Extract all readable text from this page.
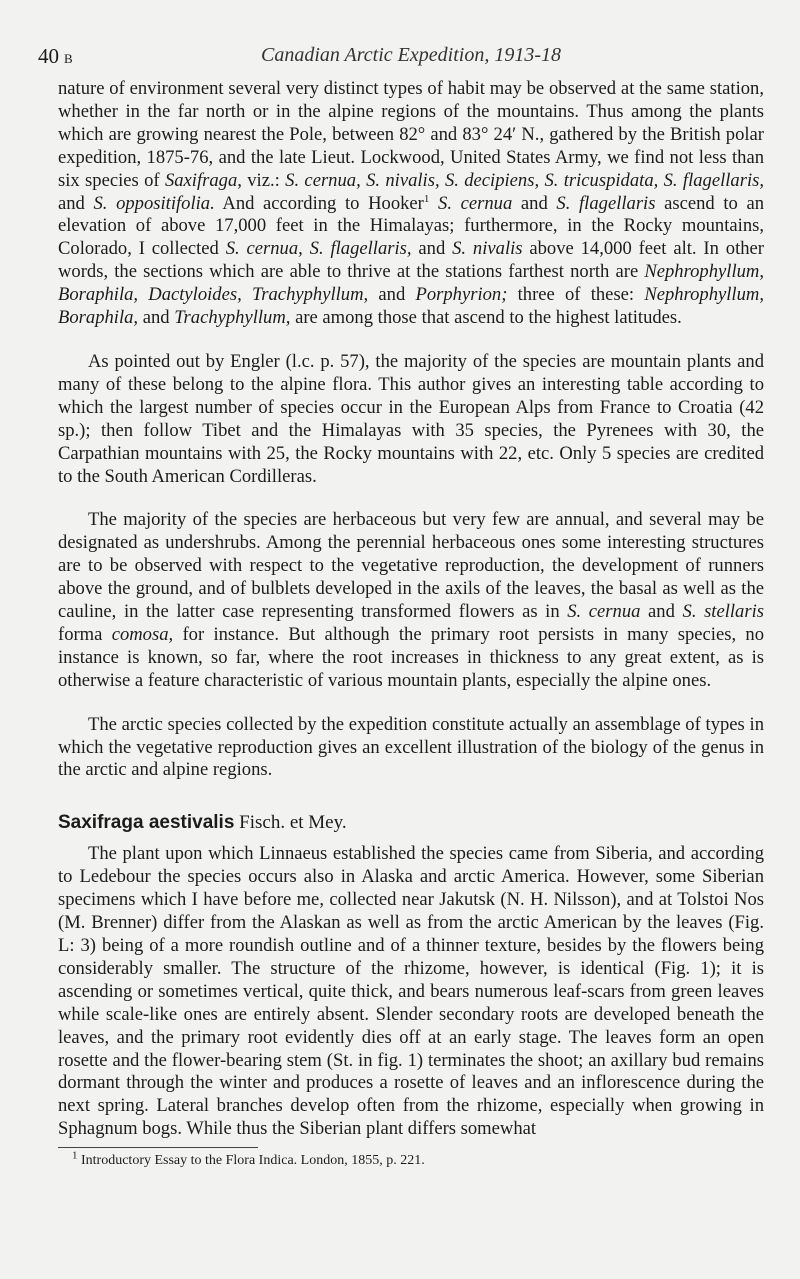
40 B	Canadian Arctic Expedition, 1913-18

nature of environment several very distinct types of habit may be observed at the same station, whether in the far north or in the alpine regions of the mountains. Thus among the plants which are growing nearest the Pole, between 82° and 83° 24′ N., gathered by the British polar expedition, 1875-76, and the late Lieut. Lockwood, United States Army, we find not less than six species of Saxifraga, viz.: S. cernua, S. nivalis, S. decipiens, S. tricuspidata, S. flagellaris, and S. oppositifolia. And according to Hooker$^1$ S. cernua and S. flagellaris ascend to an elevation of above 17,000 feet in the Himalayas; furthermore, in the Rocky mountains, Colorado, I collected S. cernua, S. flagellaris, and S. nivalis above 14,000 feet alt. In other words, the sections which are able to thrive at the stations farthest north are Nephrophyllum, Boraphila, Dactyloides, Trachyphyllum, and Porphyrion; three of these: Nephrophyllum, Boraphila, and Trachyphyllum, are among those that ascend to the highest latitudes.

As pointed out by Engler (l.c. p. 57), the majority of the species are mountain plants and many of these belong to the alpine flora. This author gives an interesting table according to which the largest number of species occur in the European Alps from France to Croatia (42 sp.); then follow Tibet and the Himalayas with 35 species, the Pyrenees with 30, the Carpathian mountains with 25, the Rocky mountains with 22, etc. Only 5 species are credited to the South American Cordilleras.

The majority of the species are herbaceous but very few are annual, and several may be designated as undershrubs. Among the perennial herbaceous ones some interesting structures are to be observed with respect to the vegetative reproduction, the development of runners above the ground, and of bulblets developed in the axils of the leaves, the basal as well as the cauline, in the latter case representing transformed flowers as in S. cernua and S. stellaris forma comosa, for instance. But although the primary root persists in many species, no instance is known, so far, where the root increases in thickness to any great extent, as is otherwise a feature characteristic of various mountain plants, especially the alpine ones.

The arctic species collected by the expedition constitute actually an assemblage of types in which the vegetative reproduction gives an excellent illustration of the biology of the genus in the arctic and alpine regions.

Saxifraga aestivalis Fisch. et Mey.

The plant upon which Linnaeus established the species came from Siberia, and according to Ledebour the species occurs also in Alaska and arctic America. However, some Siberian specimens which I have before me, collected near Jakutsk (N. H. Nilsson), and at Tolstoi Nos (M. Brenner) differ from the Alaskan as well as from the arctic American by the leaves (Fig. L: 3) being of a more roundish outline and of a thinner texture, besides by the flowers being considerably smaller. The structure of the rhizome, however, is identical (Fig. 1); it is ascending or sometimes vertical, quite thick, and bears numerous leaf-scars from green leaves while scale-like ones are entirely absent. Slender secondary roots are developed beneath the leaves, and the primary root evidently dies off at an early stage. The leaves form an open rosette and the flower-bearing stem (St. in fig. 1) terminates the shoot; an axillary bud remains dormant through the winter and produces a rosette of leaves and an inflorescence during the next spring. Lateral branches develop often from the rhizome, especially when growing in Sphagnum bogs. While thus the Siberian plant differs somewhat

$^1$ Introductory Essay to the Flora Indica. London, 1855, p. 221.
